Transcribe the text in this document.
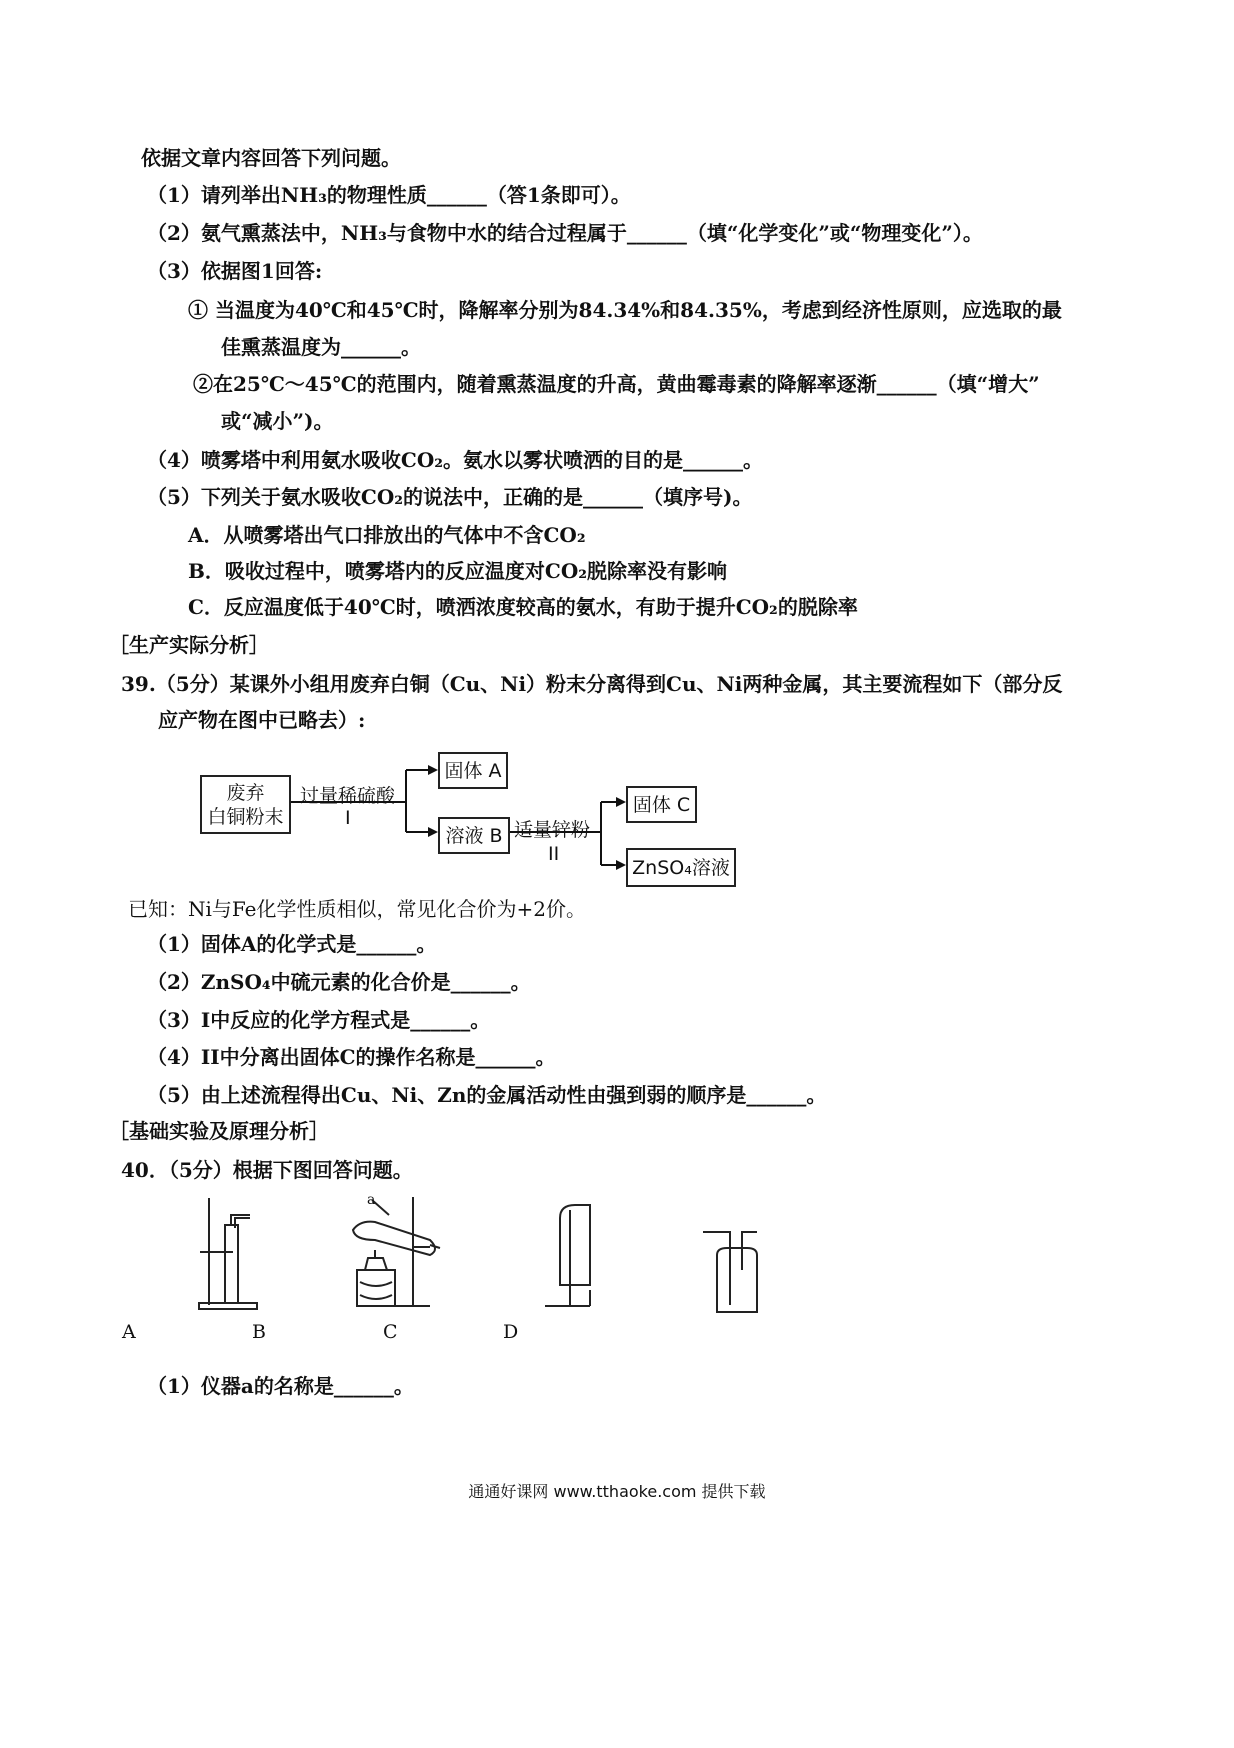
依据文章内容回答下列问题。
（1）请列举出NH₃的物理性质______（答1条即可）。
（2）氨气熏蒸法中，NH₃与食物中水的结合过程属于______（填“化学变化”或“物理变化”）。
（3）依据图1回答:
① 当温度为40℃和45℃时，降解率分别为84.34%和84.35%，考虑到经济性原则，应选取的最
佳熏蒸温度为______。
②在25℃～45℃的范围内，随着熏蒸温度的升高，黄曲霉毒素的降解率逐渐______（填“增大”
或“减小”)。
（4）喷雾塔中利用氨水吸收CO₂。氨水以雾状喷洒的目的是______。
（5）下列关于氨水吸收CO₂的说法中，正确的是______（填序号)。
A．从喷雾塔出气口排放出的气体中不含CO₂
B．吸收过程中，喷雾塔内的反应温度对CO₂脱除率没有影响
C．反应温度低于40℃时，喷洒浓度较高的氨水，有助于提升CO₂的脱除率
［生产实际分析］
39.（5分）某课外小组用废弃白铜（Cu、Ni）粉末分离得到Cu、Ni两种金属，其主要流程如下（部分反
应产物在图中已略去）:
废弃
白铜粉末
过量稀硫酸
I
固体 A
溶液 B 适量锌粉
II
固体 C
ZnSO₄溶液
已知：Ni与Fe化学性质相似，常见化合价为+2价。
（1）固体A的化学式是______。
（2）ZnSO₄中硫元素的化合价是______。
（3）I中反应的化学方程式是______。
（4）II中分离出固体C的操作名称是______。
（5）由上述流程得出Cu、Ni、Zn的金属活动性由强到弱的顺序是______。
［基础实验及原理分析］
40．（5分）根据下图回答问题。
a
A	B	C	D
（1）仪器a的名称是______。
通通好课网 www.tthaoke.com 提供下载
